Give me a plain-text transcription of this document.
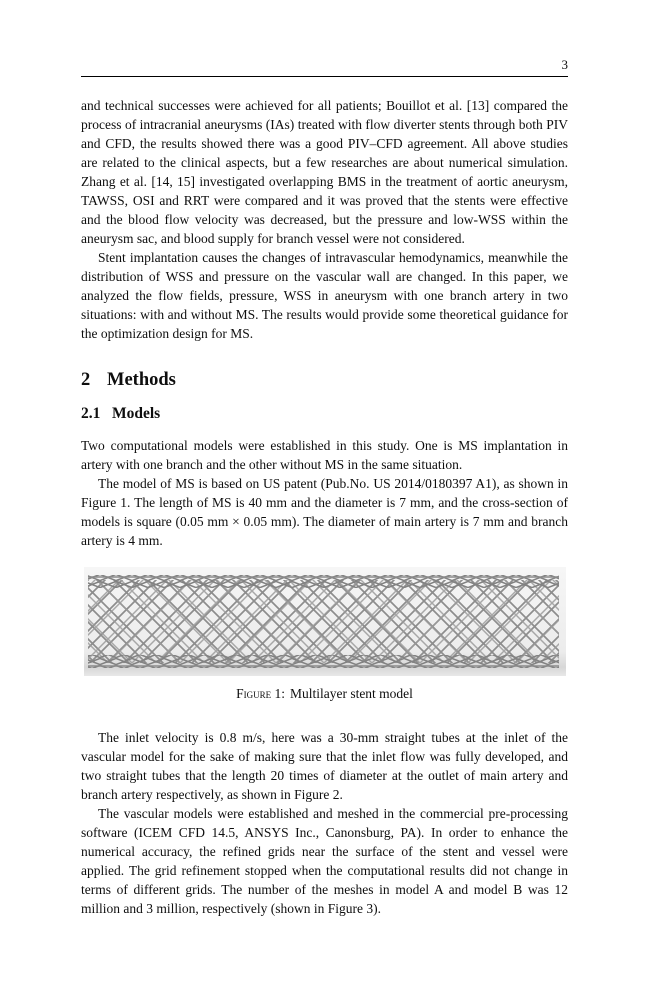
3

and technical successes were achieved for all patients; Bouillot et al. [13] compared the process of intracranial aneurysms (IAs) treated with flow diverter stents through both PIV and CFD, the results showed there was a good PIV–CFD agreement. All above studies are related to the clinical aspects, but a few researches are about numerical simulation. Zhang et al. [14, 15] investigated overlapping BMS in the treatment of aortic aneurysm, TAWSS, OSI and RRT were compared and it was proved that the stents were effective and the blood flow velocity was decreased, but the pressure and low-WSS within the aneurysm sac, and blood supply for branch vessel were not considered.

Stent implantation causes the changes of intravascular hemodynamics, meanwhile the distribution of WSS and pressure on the vascular wall are changed. In this paper, we analyzed the flow fields, pressure, WSS in aneurysm with one branch artery in two situations: with and without MS. The results would provide some theoretical guidance for the optimization design for MS.

2 Methods
2.1 Models

Two computational models were established in this study. One is MS implantation in artery with one branch and the other without MS in the same situation.

The model of MS is based on US patent (Pub.No. US 2014/0180397 A1), as shown in Figure 1. The length of MS is 40 mm and the diameter is 7 mm, and the cross-section of models is square (0.05 mm × 0.05 mm). The diameter of main artery is 7 mm and branch artery is 4 mm.

Figure 1: Multilayer stent model

The inlet velocity is 0.8 m/s, here was a 30-mm straight tubes at the inlet of the vascular model for the sake of making sure that the inlet flow was fully developed, and two straight tubes that the length 20 times of diameter at the outlet of main artery and branch artery respectively, as shown in Figure 2.

The vascular models were established and meshed in the commercial pre-processing software (ICEM CFD 14.5, ANSYS Inc., Canonsburg, PA). In order to enhance the numerical accuracy, the refined grids near the surface of the stent and vessel were applied. The grid refinement stopped when the computational results did not change in terms of different grids. The number of the meshes in model A and model B was 12 million and 3 million, respectively (shown in Figure 3).
